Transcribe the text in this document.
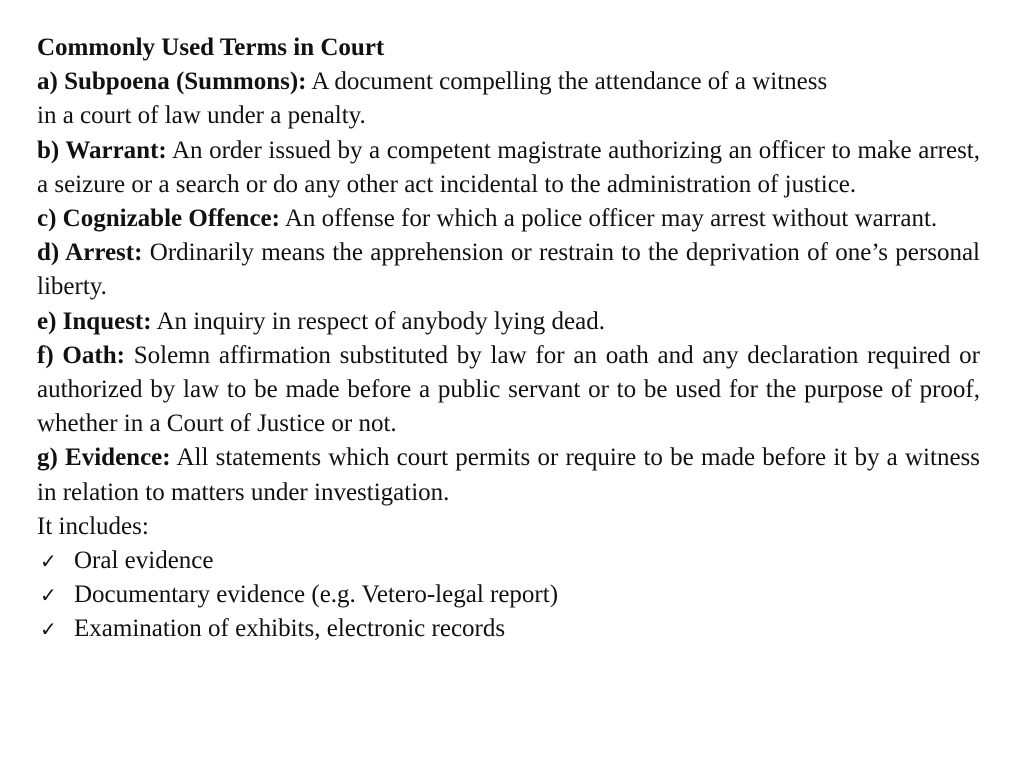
Commonly Used Terms in Court

a) Subpoena (Summons): A document compelling the attendance of a witness
in a court of law under a penalty.

b) Warrant: An order issued by a competent magistrate authorizing an officer to make arrest, a seizure or a search or do any other act incidental to the administration of justice.

c) Cognizable Offence: An offense for which a police officer may arrest without warrant.

d) Arrest: Ordinarily means the apprehension or restrain to the deprivation of one’s personal liberty.

e) Inquest: An inquiry in respect of anybody lying dead.

f) Oath: Solemn affirmation substituted by law for an oath and any declaration required or authorized by law to be made before a public servant or to be used for the purpose of proof, whether in a Court of Justice or not.

g) Evidence: All statements which court permits or require to be made before it by a witness in relation to matters under investigation.

It includes:

✓ Oral evidence
✓ Documentary evidence (e.g. Vetero-legal report)
✓ Examination of exhibits, electronic records
